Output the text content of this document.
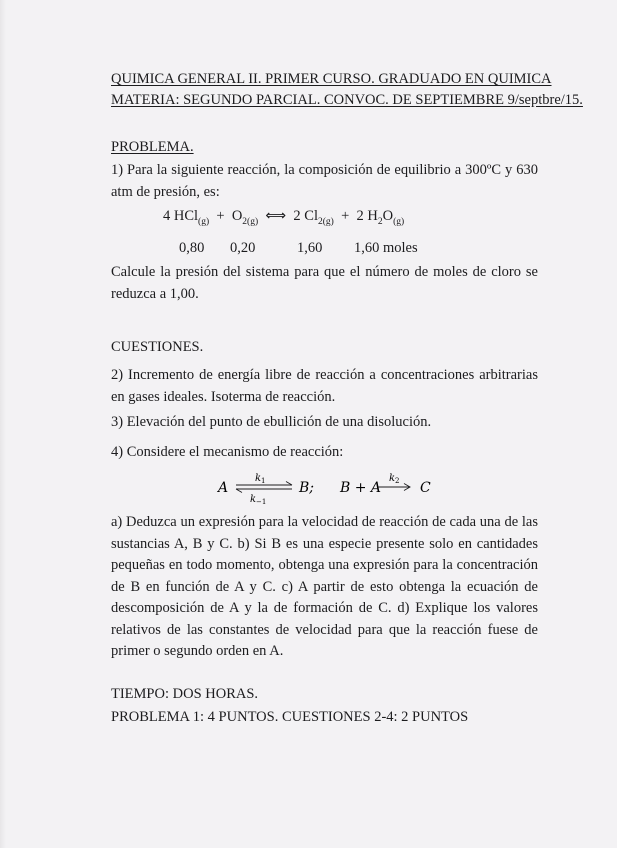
QUIMICA GENERAL II. PRIMER CURSO. GRADUADO EN QUIMICA
MATERIA: SEGUNDO PARCIAL. CONVOC. DE SEPTIEMBRE 9/septbre/15.
PROBLEMA.
1) Para la siguiente reacción, la composición de equilibrio a 300ºC y 630 atm de presión, es:
4 $HCl_{(g)} + O_{2(g)}$ ⟺ 2 $Cl_{2(g)} + 2$ $H_2O_{(g)}$
0,80 0,20	1,60 1,60 moles
Calcule la presión del sistema para que el número de moles de cloro se reduzca a 1,00.
CUESTIONES.
2) Incremento de energía libre de reacción a concentraciones arbitrarias en gases ideales. Isoterma de reacción.
3) Elevación del punto de ebullición de una disolución.
4) Considere el mecanismo de reacción:
A
k 1
k −1
B; B + A
k 2 C
a) Deduzca un expresión para la velocidad de reacción de cada una de las sustancias A, B y C. b) Si B es una especie presente solo en cantidades pequeñas en todo momento, obtenga una expresión para la concentración de B en función de A y C. c) A partir de esto obtenga la ecuación de descomposición de A y la de formación de C. d) Explique los valores relativos de las constantes de velocidad para que la reacción fuese de primer o segundo orden en A.
TIEMPO: DOS HORAS.
PROBLEMA 1: 4 PUNTOS. CUESTIONES 2-4: 2 PUNTOS
